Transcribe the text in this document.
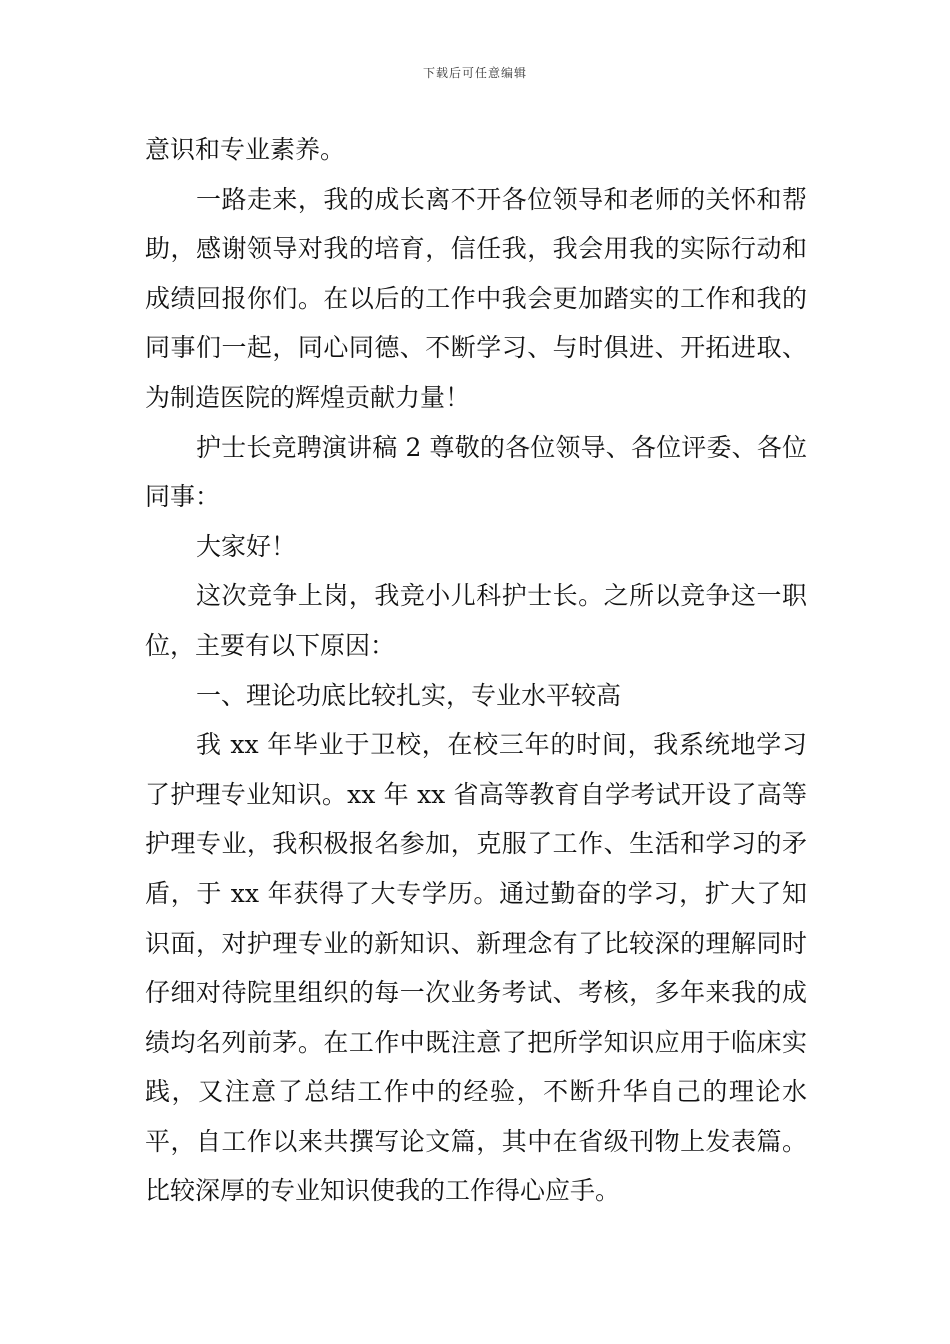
下载后可任意编辑

意识和专业素养。

一路走来，我的成长离不开各位领导和老师的关怀和帮助，感谢领导对我的培育，信任我，我会用我的实际行动和成绩回报你们。在以后的工作中我会更加踏实的工作和我的同事们一起，同心同德、不断学习、与时俱进、开拓进取、为制造医院的辉煌贡献力量！

护士长竞聘演讲稿 2 尊敬的各位领导、各位评委、各位同事：

大家好！

这次竞争上岗，我竞小儿科护士长。之所以竞争这一职位，主要有以下原因：

一、理论功底比较扎实，专业水平较高

我 xx 年毕业于卫校，在校三年的时间，我系统地学习了护理专业知识。xx 年 xx 省高等教育自学考试开设了高等护理专业，我积极报名参加，克服了工作、生活和学习的矛盾，于 xx 年获得了大专学历。通过勤奋的学习，扩大了知识面，对护理专业的新知识、新理念有了比较深的理解同时仔细对待院里组织的每一次业务考试、考核，多年来我的成绩均名列前茅。在工作中既注意了把所学知识应用于临床实践，又注意了总结工作中的经验，不断升华自己的理论水平，自工作以来共撰写论文篇，其中在省级刊物上发表篇。比较深厚的专业知识使我的工作得心应手。
